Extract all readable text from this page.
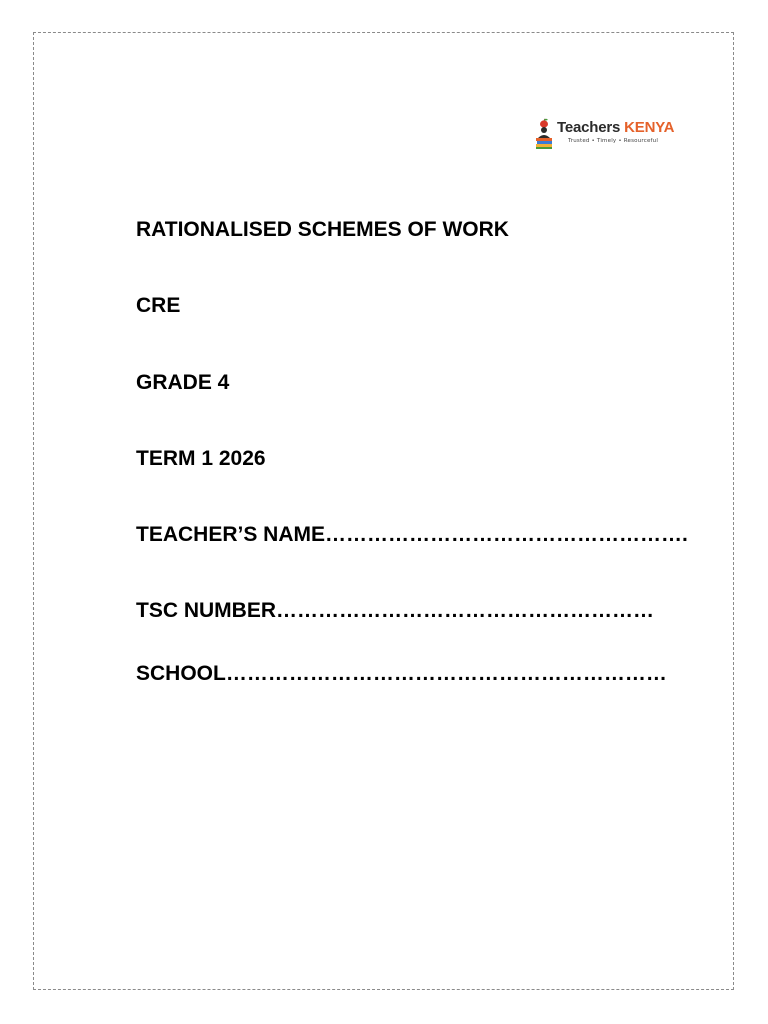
Teachers KENYA
Trusted • Timely • Resourceful
RATIONALISED SCHEMES OF WORK
CRE
GRADE 4
TERM 1 2026
TEACHER’S NAME…………………………………………….
TSC NUMBER………………………………………………
SCHOOL………………………………………………………
